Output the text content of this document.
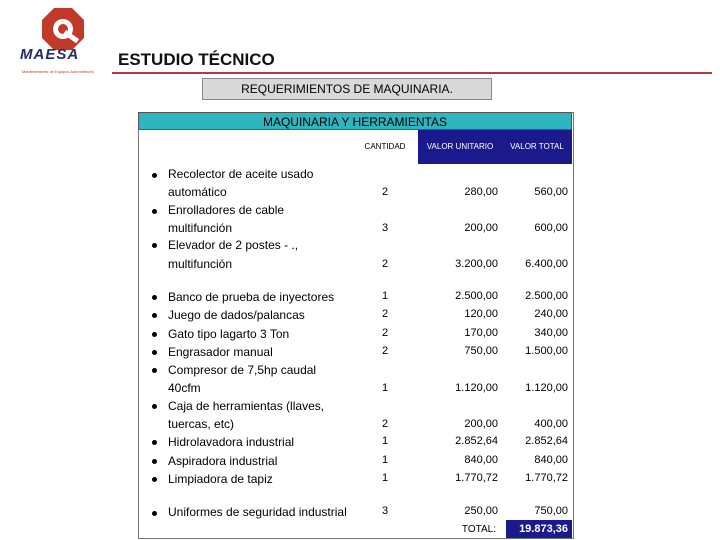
MAESA
Mantenimiento de Equipos Automotrices
ESTUDIO TÉCNICO
REQUERIMIENTOS DE MAQUINARIA.
MAQUINARIA Y HERRAMIENTAS
CANTIDAD	VALOR UNITARIO	VALOR TOTAL
Recolector de aceite usado
automático	2	280,00	560,00
Enrolladores de cable
multifunción	3	200,00	600,00
Elevador de 2 postes - .,
multifunción	2	3.200,00 6.400,00
Banco de prueba de inyectores	1	2.500,00 2.500,00
Juego de dados/palancas	2	120,00	240,00
Gato tipo lagarto 3 Ton	2	170,00	340,00
Engrasador manual	2	750,00 1.500,00
Compresor de 7,5hp caudal
40cfm	1	1.120,00 1.120,00
Caja de herramientas (llaves,
tuercas, etc)	2	200,00	400,00
Hidrolavadora industrial	1	2.852,64 2.852,64
Aspiradora industrial	1	840,00	840,00
Limpiadora de tapiz	1	1.770,72 1.770,72
Uniformes de seguridad industrial	3	250,00	750,00
TOTAL:	19.873,36
